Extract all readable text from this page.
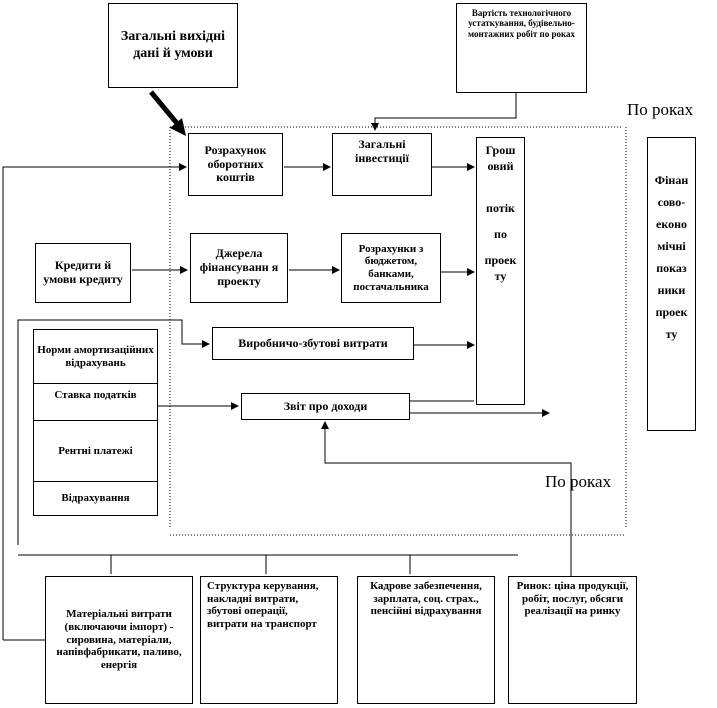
Загальні вихідні дані й умови
Вартість технологічного устаткування, будівельно-монтажних робіт по роках
По роках
Розрахунок оборотних коштів
Загальні інвестиції
Грош
овий
потік
по
проек
ту
Фінан
сово-
еконо
мічні
показ
ники
проек
ту
Кредити й умови кредиту
Джерела фінансуванн я проекту
Розрахунки з бюджетом, банками, постачальника
Норми амортизаційних відрахувань
Ставка податків
Рентні платежі
Відрахування
Виробничо-збутові витрати
Звіт про доходи
По роках
Матеріальні витрати (включаючи імпорт) - сировина, матеріали, напівфабрикати, паливо, енергія
Структура керування, накладні витрати, збутові операції, витрати на транспорт
Кадрове забезпечення, зарплата, соц. страх., пенсійні відрахування
Ринок: ціна продукції, робіт, послуг, обсяги реалізації на ринку
